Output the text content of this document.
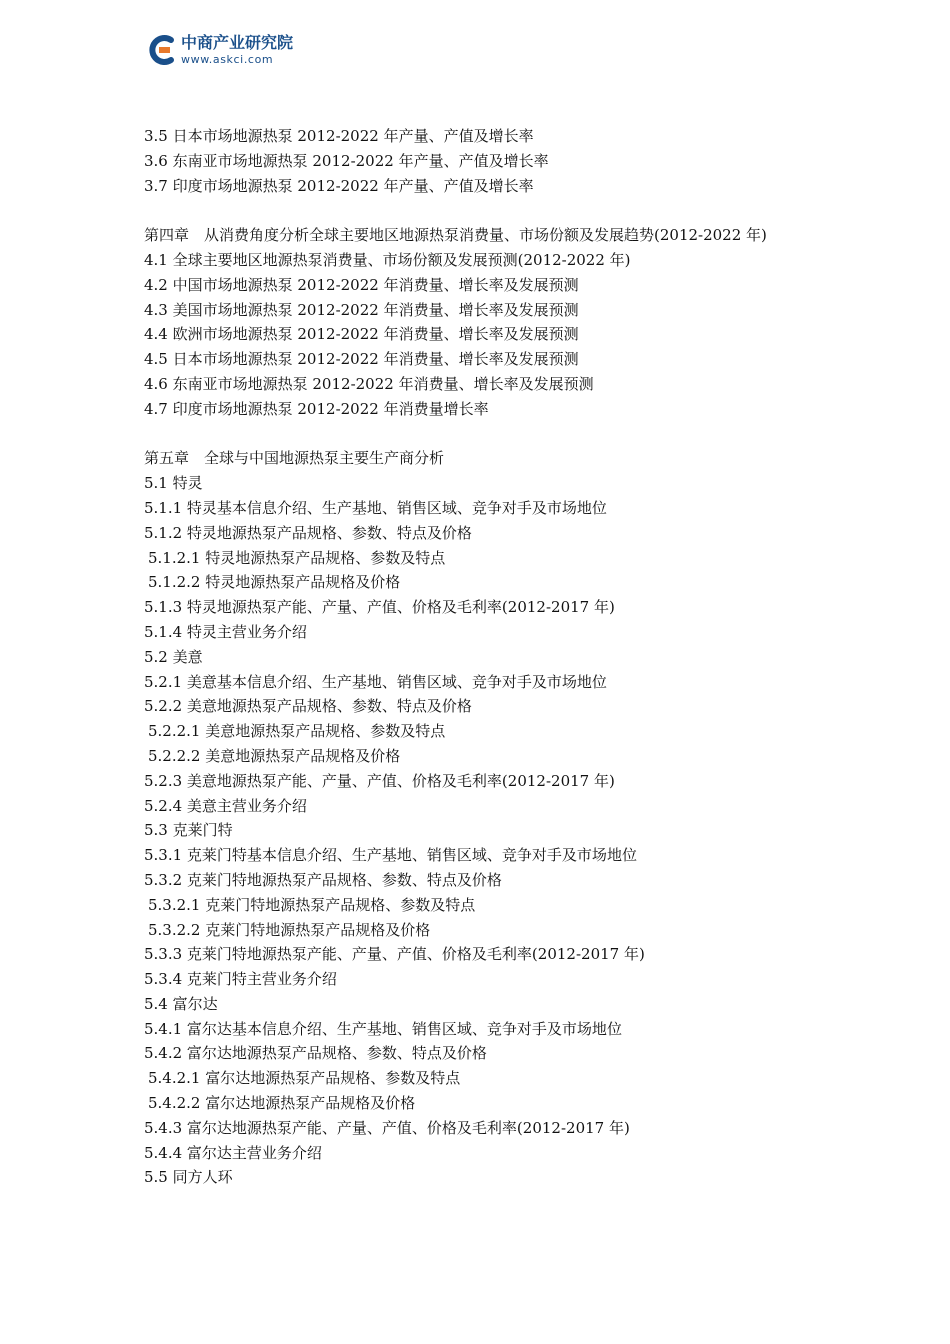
中商产业研究院
www.askci.com
3.5 日本市场地源热泵 2012-2022 年产量、产值及增长率
3.6 东南亚市场地源热泵 2012-2022 年产量、产值及增长率
3.7 印度市场地源热泵 2012-2022 年产量、产值及增长率
第四章　从消费角度分析全球主要地区地源热泵消费量、市场份额及发展趋势(2012-2022 年)
4.1 全球主要地区地源热泵消费量、市场份额及发展预测(2012-2022 年)
4.2 中国市场地源热泵 2012-2022 年消费量、增长率及发展预测
4.3 美国市场地源热泵 2012-2022 年消费量、增长率及发展预测
4.4 欧洲市场地源热泵 2012-2022 年消费量、增长率及发展预测
4.5 日本市场地源热泵 2012-2022 年消费量、增长率及发展预测
4.6 东南亚市场地源热泵 2012-2022 年消费量、增长率及发展预测
4.7 印度市场地源热泵 2012-2022 年消费量增长率
第五章　全球与中国地源热泵主要生产商分析
5.1 特灵
5.1.1 特灵基本信息介绍、生产基地、销售区域、竞争对手及市场地位
5.1.2 特灵地源热泵产品规格、参数、特点及价格
5.1.2.1 特灵地源热泵产品规格、参数及特点
5.1.2.2 特灵地源热泵产品规格及价格
5.1.3 特灵地源热泵产能、产量、产值、价格及毛利率(2012-2017 年)
5.1.4 特灵主营业务介绍
5.2 美意
5.2.1 美意基本信息介绍、生产基地、销售区域、竞争对手及市场地位
5.2.2 美意地源热泵产品规格、参数、特点及价格
5.2.2.1 美意地源热泵产品规格、参数及特点
5.2.2.2 美意地源热泵产品规格及价格
5.2.3 美意地源热泵产能、产量、产值、价格及毛利率(2012-2017 年)
5.2.4 美意主营业务介绍
5.3 克莱门特
5.3.1 克莱门特基本信息介绍、生产基地、销售区域、竞争对手及市场地位
5.3.2 克莱门特地源热泵产品规格、参数、特点及价格
5.3.2.1 克莱门特地源热泵产品规格、参数及特点
5.3.2.2 克莱门特地源热泵产品规格及价格
5.3.3 克莱门特地源热泵产能、产量、产值、价格及毛利率(2012-2017 年)
5.3.4 克莱门特主营业务介绍
5.4 富尔达
5.4.1 富尔达基本信息介绍、生产基地、销售区域、竞争对手及市场地位
5.4.2 富尔达地源热泵产品规格、参数、特点及价格
5.4.2.1 富尔达地源热泵产品规格、参数及特点
5.4.2.2 富尔达地源热泵产品规格及价格
5.4.3 富尔达地源热泵产能、产量、产值、价格及毛利率(2012-2017 年)
5.4.4 富尔达主营业务介绍
5.5 同方人环
